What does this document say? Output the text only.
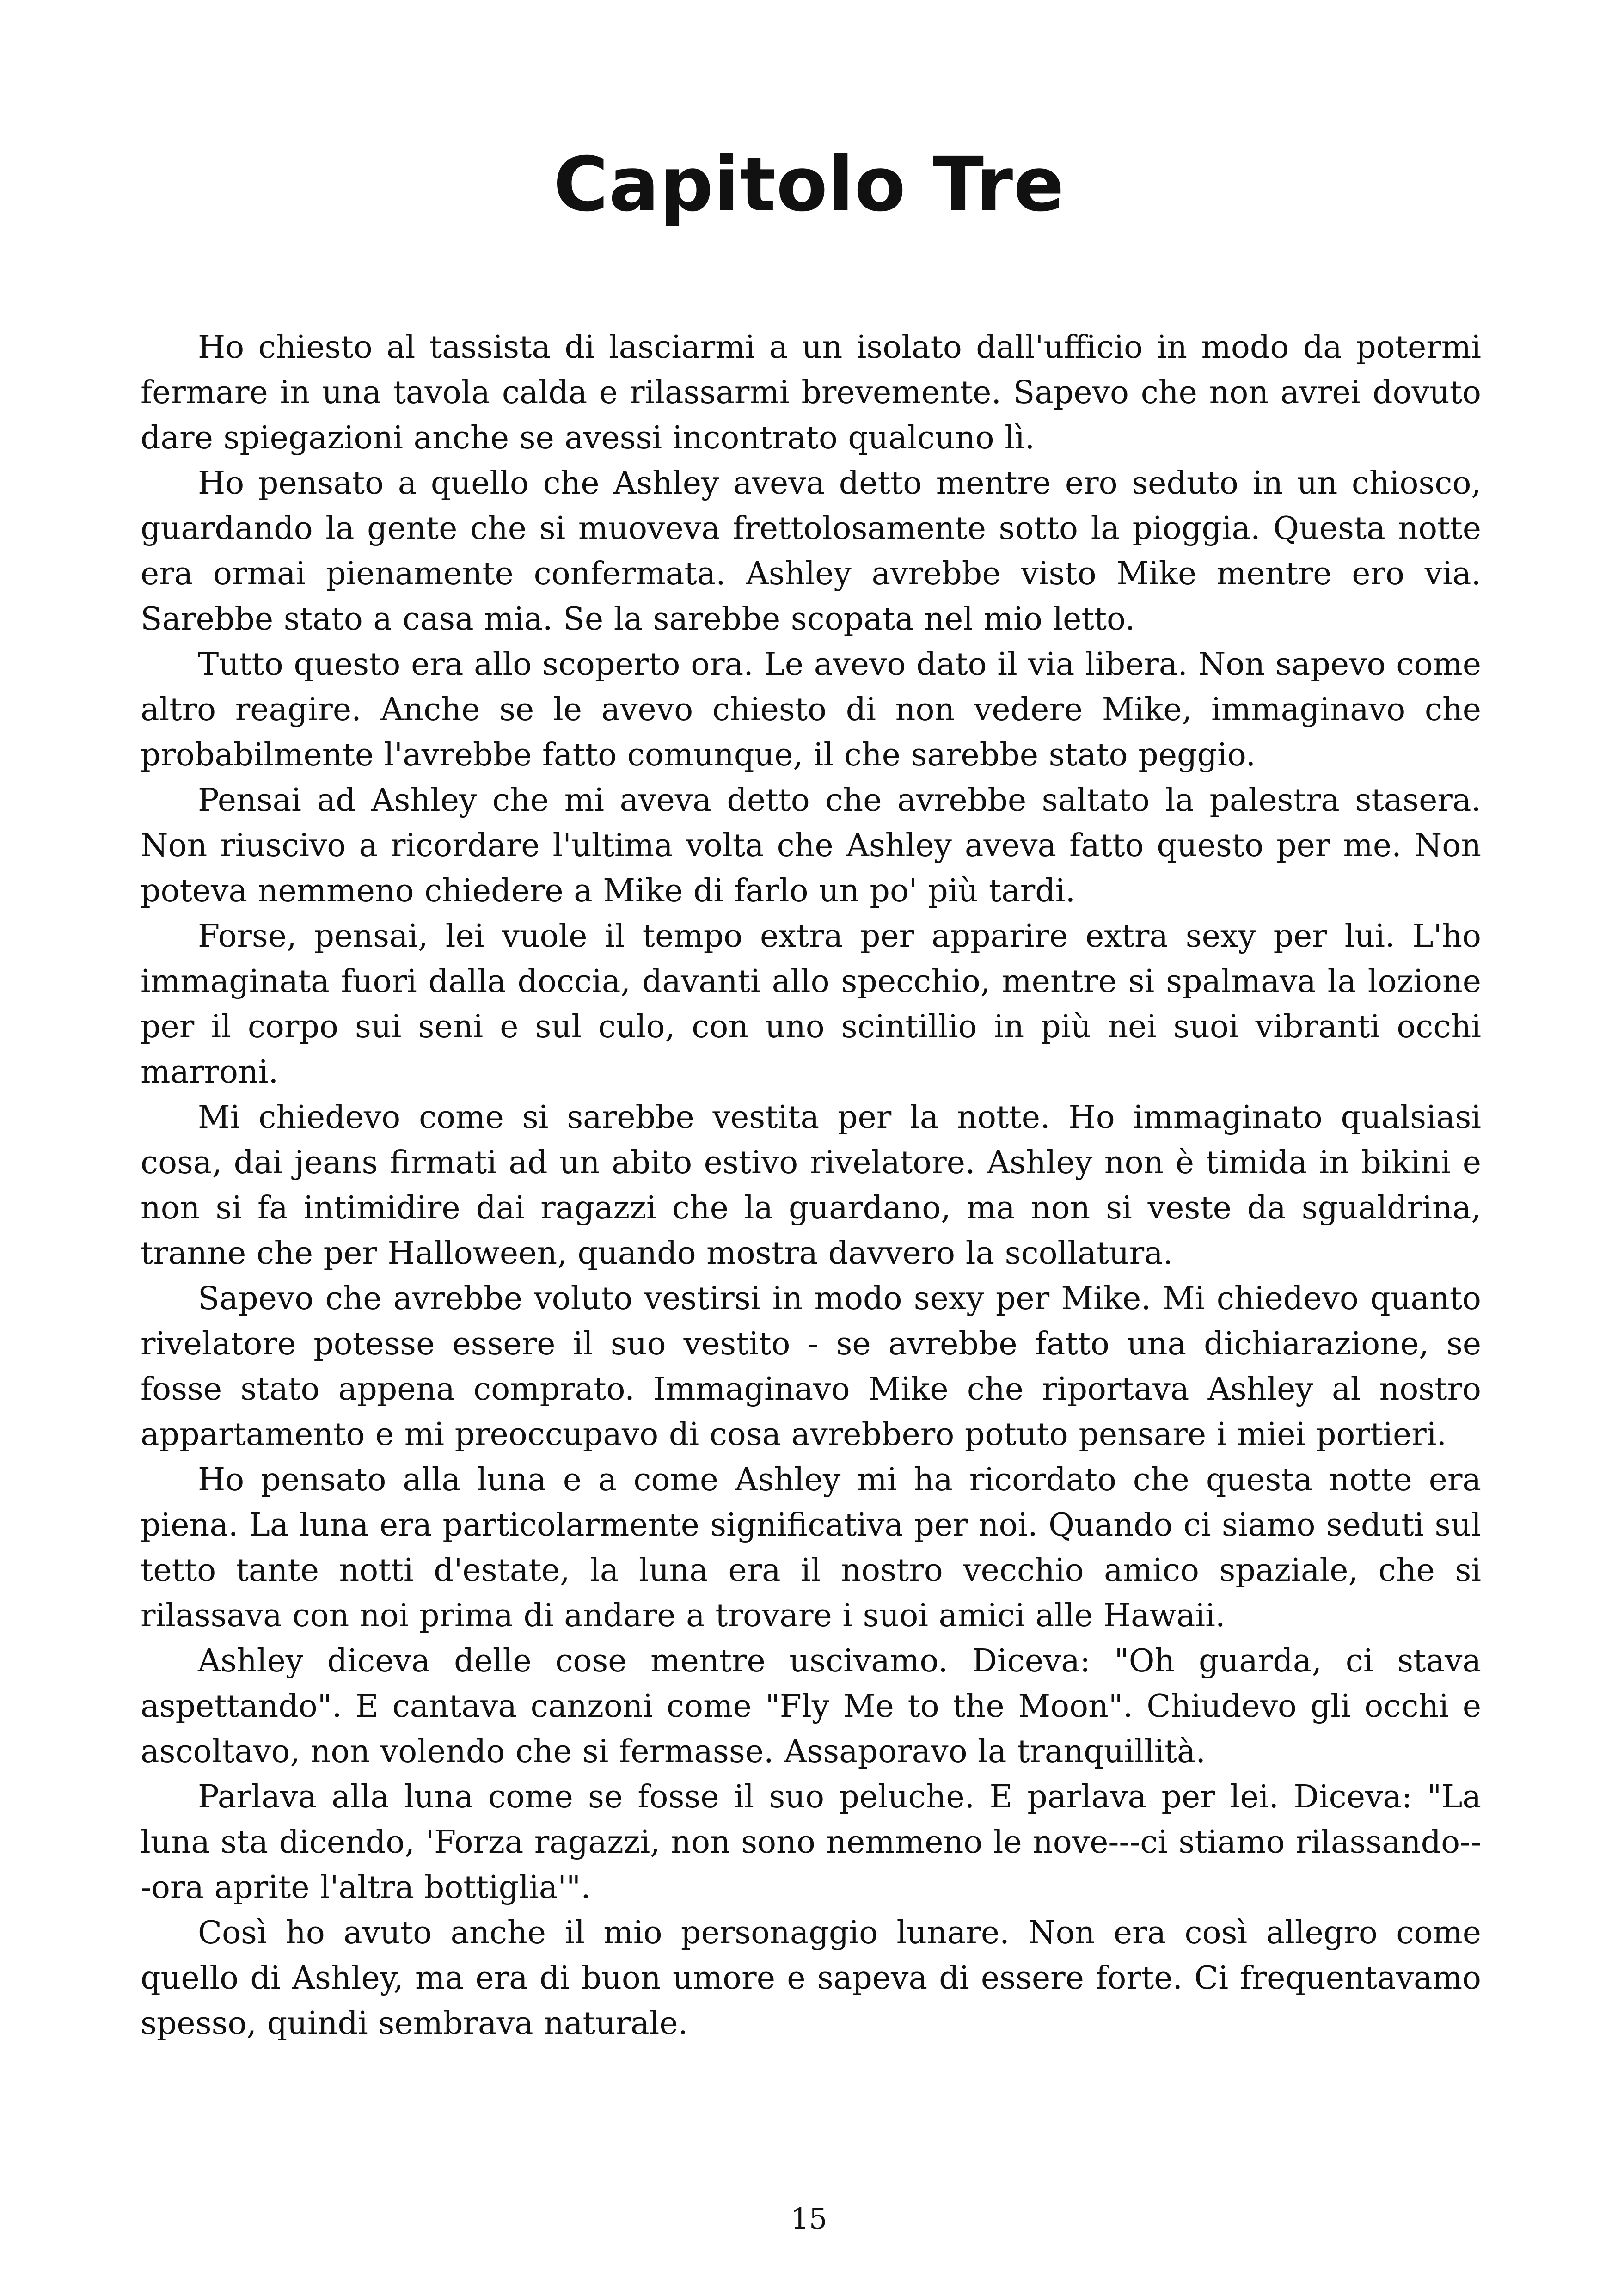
Capitolo Tre

Ho chiesto al tassista di lasciarmi a un isolato dall'ufficio in modo da potermi fermare in una tavola calda e rilassarmi brevemente. Sapevo che non avrei dovuto dare spiegazioni anche se avessi incontrato qualcuno lì.

Ho pensato a quello che Ashley aveva detto mentre ero seduto in un chiosco, guardando la gente che si muoveva frettolosamente sotto la pioggia. Questa notte era ormai pienamente confermata. Ashley avrebbe visto Mike mentre ero via. Sarebbe stato a casa mia. Se la sarebbe scopata nel mio letto.

Tutto questo era allo scoperto ora. Le avevo dato il via libera. Non sapevo come altro reagire. Anche se le avevo chiesto di non vedere Mike, immaginavo che probabilmente l'avrebbe fatto comunque, il che sarebbe stato peggio.

Pensai ad Ashley che mi aveva detto che avrebbe saltato la palestra stasera. Non riuscivo a ricordare l'ultima volta che Ashley aveva fatto questo per me. Non poteva nemmeno chiedere a Mike di farlo un po' più tardi.

Forse, pensai, lei vuole il tempo extra per apparire extra sexy per lui. L'ho immaginata fuori dalla doccia, davanti allo specchio, mentre si spalmava la lozione per il corpo sui seni e sul culo, con uno scintillio in più nei suoi vibranti occhi marroni.

Mi chiedevo come si sarebbe vestita per la notte. Ho immaginato qualsiasi cosa, dai jeans firmati ad un abito estivo rivelatore. Ashley non è timida in bikini e non si fa intimidire dai ragazzi che la guardano, ma non si veste da sgualdrina, tranne che per Halloween, quando mostra davvero la scollatura.

Sapevo che avrebbe voluto vestirsi in modo sexy per Mike. Mi chiedevo quanto rivelatore potesse essere il suo vestito - se avrebbe fatto una dichiarazione, se fosse stato appena comprato. Immaginavo Mike che riportava Ashley al nostro appartamento e mi preoccupavo di cosa avrebbero potuto pensare i miei portieri.

Ho pensato alla luna e a come Ashley mi ha ricordato che questa notte era piena. La luna era particolarmente significativa per noi. Quando ci siamo seduti sul tetto tante notti d'estate, la luna era il nostro vecchio amico spaziale, che si rilassava con noi prima di andare a trovare i suoi amici alle Hawaii.

Ashley diceva delle cose mentre uscivamo. Diceva: "Oh guarda, ci stava aspettando". E cantava canzoni come "Fly Me to the Moon". Chiudevo gli occhi e ascoltavo, non volendo che si fermasse. Assaporavo la tranquillità.

Parlava alla luna come se fosse il suo peluche. E parlava per lei. Diceva: "La luna sta dicendo, 'Forza ragazzi, non sono nemmeno le nove---ci stiamo rilassando---ora aprite l'altra bottiglia'".

Così ho avuto anche il mio personaggio lunare. Non era così allegro come quello di Ashley, ma era di buon umore e sapeva di essere forte. Ci frequentavamo spesso, quindi sembrava naturale.

15
